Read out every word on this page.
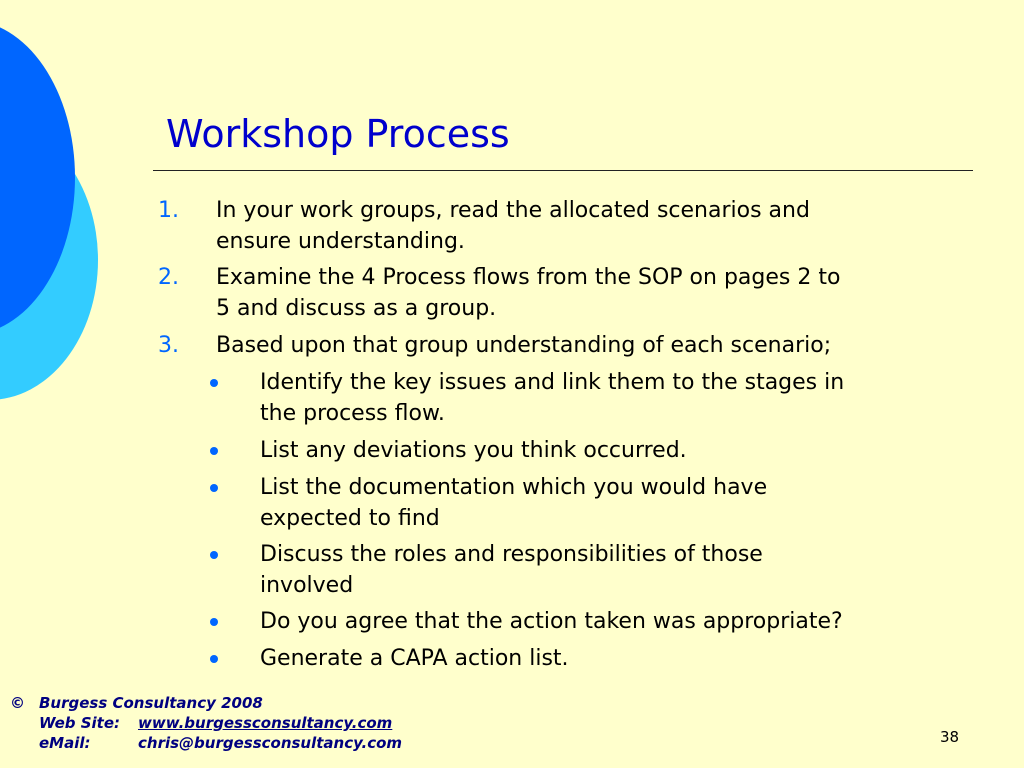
Workshop Process
1. In your work groups, read the allocated scenarios and
ensure understanding.
2. Examine the 4 Process flows from the SOP on pages 2 to
5 and discuss as a group.
3. Based upon that group understanding of each scenario;
Identify the key issues and link them to the stages in
the process flow.
List any deviations you think occurred.
List the documentation which you would have
expected to find
Discuss the roles and responsibilities of those
involved
Do you agree that the action taken was appropriate?
Generate a CAPA action list.
© Burgess Consultancy 2008
Web Site: www.burgessconsultancy.com
eMail:	chris@burgessconsultancy.com	38
